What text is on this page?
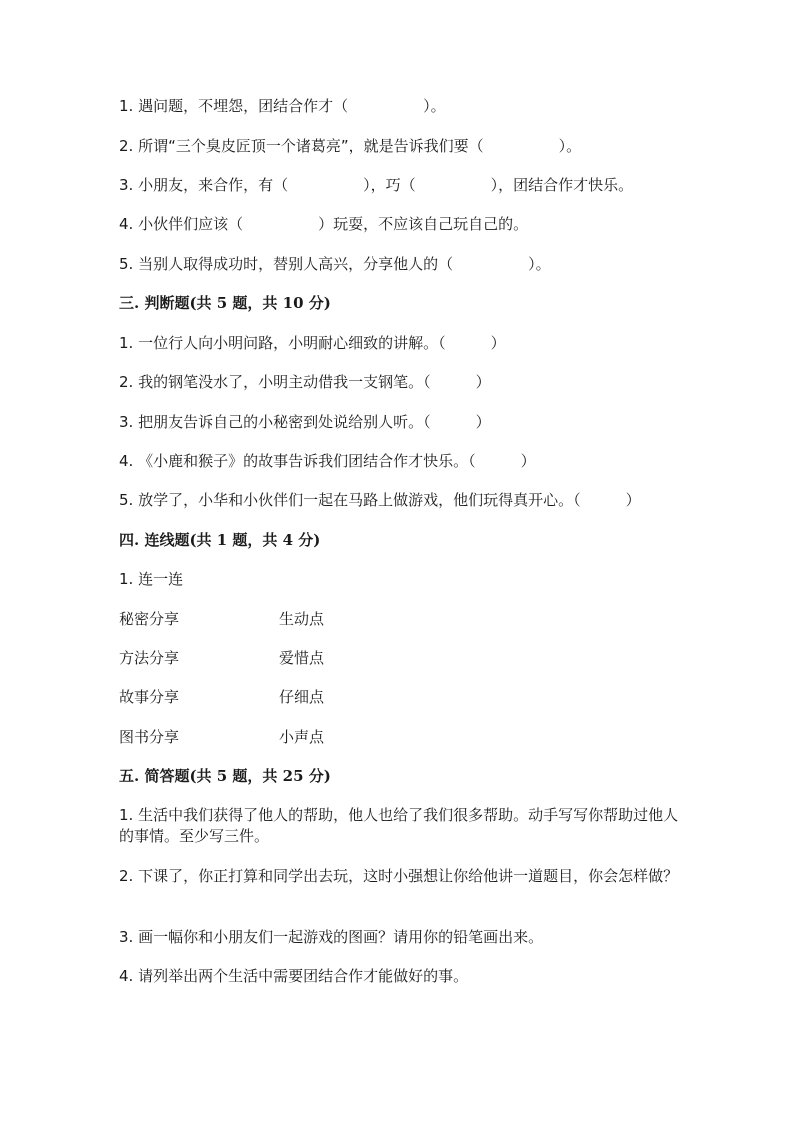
1. 遇问题，不埋怨，团结合作才（　　　　　）。
2. 所谓“三个臭皮匠顶一个诸葛亮”，就是告诉我们要（　　　　　）。
3. 小朋友，来合作，有（　　　　　），巧（　　　　　），团结合作才快乐。
4. 小伙伴们应该（　　　　　）玩耍，不应该自己玩自己的。
5. 当别人取得成功时，替别人高兴，分享他人的（　　　　　）。
三. 判断题(共 5 题，共 10 分)
1. 一位行人向小明问路，小明耐心细致的讲解。（　　　）
2. 我的钢笔没水了，小明主动借我一支钢笔。（　　　）
3. 把朋友告诉自己的小秘密到处说给别人听。（　　　）
4. 《小鹿和猴子》的故事告诉我们团结合作才快乐。（　　　）
5. 放学了，小华和小伙伴们一起在马路上做游戏，他们玩得真开心。（　　　）
四. 连线题(共 1 题，共 4 分)
1. 连一连
秘密分享	生动点
方法分享	爱惜点
故事分享	仔细点
图书分享	小声点
五. 简答题(共 5 题，共 25 分)
1. 生活中我们获得了他人的帮助，他人也给了我们很多帮助。动手写写你帮助过他人的事情。至少写三件。
2. 下课了，你正打算和同学出去玩，这时小强想让你给他讲一道题目，你会怎样做？
3. 画一幅你和小朋友们一起游戏的图画？请用你的铅笔画出来。
4. 请列举出两个生活中需要团结合作才能做好的事。
